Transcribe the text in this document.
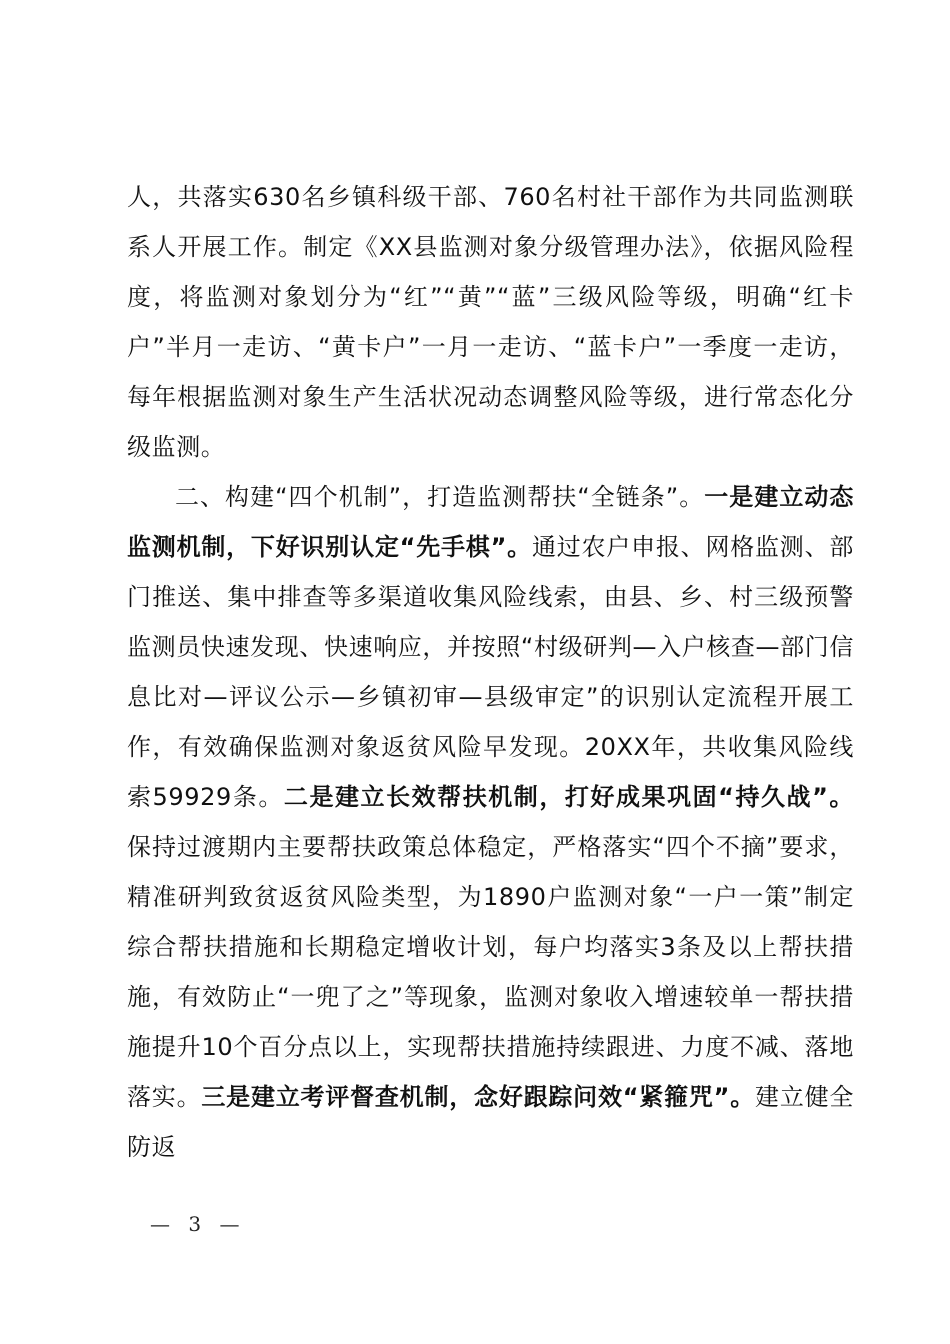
人，共落实630名乡镇科级干部、760名村社干部作为共同监测联系人开展工作。制定《XX县监测对象分级管理办法》，依据风险程度，将监测对象划分为“红”“黄”“蓝”三级风险等级，明确“红卡户”半月一走访、“黄卡户”一月一走访、“蓝卡户”一季度一走访，每年根据监测对象生产生活状况动态调整风险等级，进行常态化分级监测。

二、构建“四个机制”，打造监测帮扶“全链条”。一是建立动态监测机制，下好识别认定“先手棋”。通过农户申报、网格监测、部门推送、集中排查等多渠道收集风险线索，由县、乡、村三级预警监测员快速发现、快速响应，并按照“村级研判—入户核查—部门信息比对—评议公示—乡镇初审—县级审定”的识别认定流程开展工作，有效确保监测对象返贫风险早发现。20XX年，共收集风险线索59929条。二是建立长效帮扶机制，打好成果巩固“持久战”。保持过渡期内主要帮扶政策总体稳定，严格落实“四个不摘”要求，精准研判致贫返贫风险类型，为1890户监测对象“一户一策”制定综合帮扶措施和长期稳定增收计划，每户均落实3条及以上帮扶措施，有效防止“一兜了之”等现象，监测对象收入增速较单一帮扶措施提升10个百分点以上，实现帮扶措施持续跟进、力度不减、落地落实。三是建立考评督查机制，念好跟踪问效“紧箍咒”。建立健全防返

— 3 —
